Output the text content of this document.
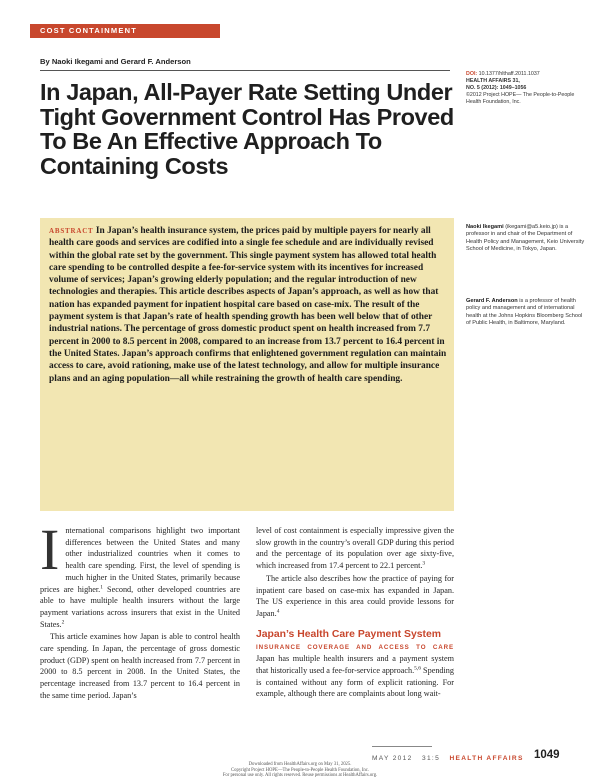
COST CONTAINMENT
By Naoki Ikegami and Gerard F. Anderson
In Japan, All-Payer Rate Setting Under Tight Government Control Has Proved To Be An Effective Approach To Containing Costs
DOI: 10.1377/hlthaff.2011.1037
HEALTH AFFAIRS 31,
NO. 5 (2012): 1049–1056
©2012 Project HOPE— The People-to-People Health Foundation, Inc.

ABSTRACT In Japan’s health insurance system, the prices paid by multiple payers for nearly all health care goods and services are codified into a single fee schedule and are individually revised within the global rate set by the government. This single payment system has allowed total health care spending to be controlled despite a fee-for-service system with its incentives for increased volume of services; Japan’s growing elderly population; and the regular introduction of new technologies and therapies. This article describes aspects of Japan’s approach, as well as how that nation has expanded payment for inpatient hospital care based on case-mix. The result of the payment system is that Japan’s rate of health spending growth has been well below that of other industrial nations. The percentage of gross domestic product spent on health increased from 7.7 percent in 2000 to 8.5 percent in 2008, compared to an increase from 13.7 percent to 16.4 percent in the United States. Japan’s approach confirms that enlightened government regulation can maintain access to care, avoid rationing, make use of the latest technology, and allow for multiple insurance plans and an aging population—all while restraining the growth of health care spending.

Naoki Ikegami (ikegami@a5.keio.jp) is a professor in and chair of the Department of Health Policy and Management, Keio University School of Medicine, in Tokyo, Japan.

Gerard F. Anderson is a professor of health policy and management and of international health at the Johns Hopkins Bloomberg School of Public Health, in Baltimore, Maryland.

International comparisons highlight two important differences between the United States and many other industrialized countries when it comes to health care spending. First, the level of spending is much higher in the United States, primarily because prices are higher.$^1$ Second, other developed countries are able to have multiple health insurers without the large payment variations across insurers that exist in the United States.$^2$

This article examines how Japan is able to control health care spending. In Japan, the percentage of gross domestic product (GDP) spent on health increased from 7.7 percent in 2000 to 8.5 percent in 2008. In the United States, the percentage increased from 13.7 percent to 16.4 percent in the same time period. Japan’s

level of cost containment is especially impressive given the slow growth in the country’s overall GDP during this period and the percentage of its population over age sixty-five, which increased from 17.4 percent to 22.1 percent.$^3$

The article also describes how the practice of paying for inpatient care based on case-mix has expanded in Japan. The US experience in this area could provide lessons for Japan.$^4$

Japan’s Health Care Payment System

INSURANCE COVERAGE AND ACCESS TO CARE Japan has multiple health insurers and a payment system that historically used a fee-for-service approach.$^{5,6}$ Spending is contained without any form of explicit rationing. For example, although there are complaints about long wait-

MAY 2012 31:5 HEALTH AFFAIRS 1049
Downloaded from HealthAffairs.org on May 31, 2025.
Copyright Project HOPE—The People-to-People Health Foundation, Inc.
For personal use only. All rights reserved. Reuse permissions at HealthAffairs.org.
